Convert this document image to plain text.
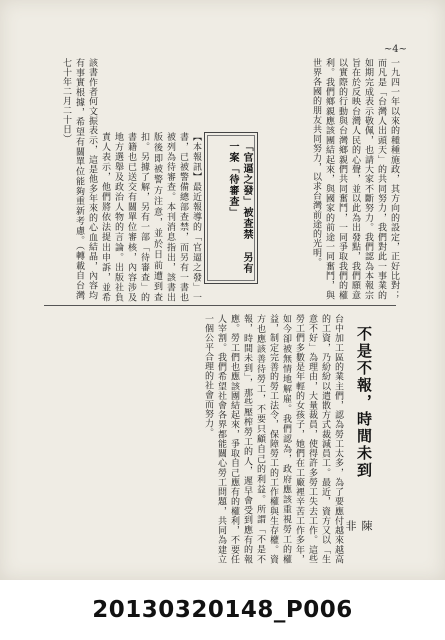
~4~
一九四一年以來的種種施政，其方向的設定，正好比對；而凡是「台灣人出頭天」的共同努力，我們對此一事業的如期完成表示敬佩，也請大家不斷努力。我們認為本報宗旨在於反映台灣人民的心聲，並以此為出發點，我們願意以實際的行動與台灣鄉親們共同奮鬥，一同爭取我們的權利。我們鄉親應該團結起來，與國家的前途一同奮鬥，與世界各國的朋友共同努力，以求台灣前途的光明。
「官逼之發」被查禁 另有一案「待審查」
【本報訊】最近報導的「官逼之發」一書，已被警備總部查禁，而另有一書也被列為待審查。本刊消息指出，該書出版後即被警方注意，並於日前遭到查扣。另據了解，另有一部「待審查」的書籍也已送交有關單位審核，內容涉及地方選舉及政治人物的言論。出版社負責人表示，他們將依法提出申訴，並希
該書作者何文振表示，這是他多年來的心血結晶，內容均有事實根據，希望有關單位能夠重新考慮。（轉載自台灣七十年二月二十日）
不是不報，時間未到
陳 非
台中加工區的業主們，認為勞工太多，為了要應付越來越高的工資，乃紛紛以遣散方式裁減員工。最近，資方又以「生意不好」為理由，大量裁員，使得許多勞工失去工作。這些勞工們多數是年輕的女孩子，她們在工廠裡辛苦工作多年，如今卻被無情地解雇。我們認為，政府應該重視勞工的權益，制定完善的勞工法令，保障勞工的工作權與生存權。資方也應該善待勞工，不要只顧自己的利益。所謂「不是不報，時間未到」，那些壓榨勞工的人，遲早會受到應有的報應。勞工們也應該團結起來，爭取自己應有的權利，不要任人宰割。我們希望社會各界都能關心勞工問題，共同為建立一個公平合理的社會而努力。
20130320148_P006
